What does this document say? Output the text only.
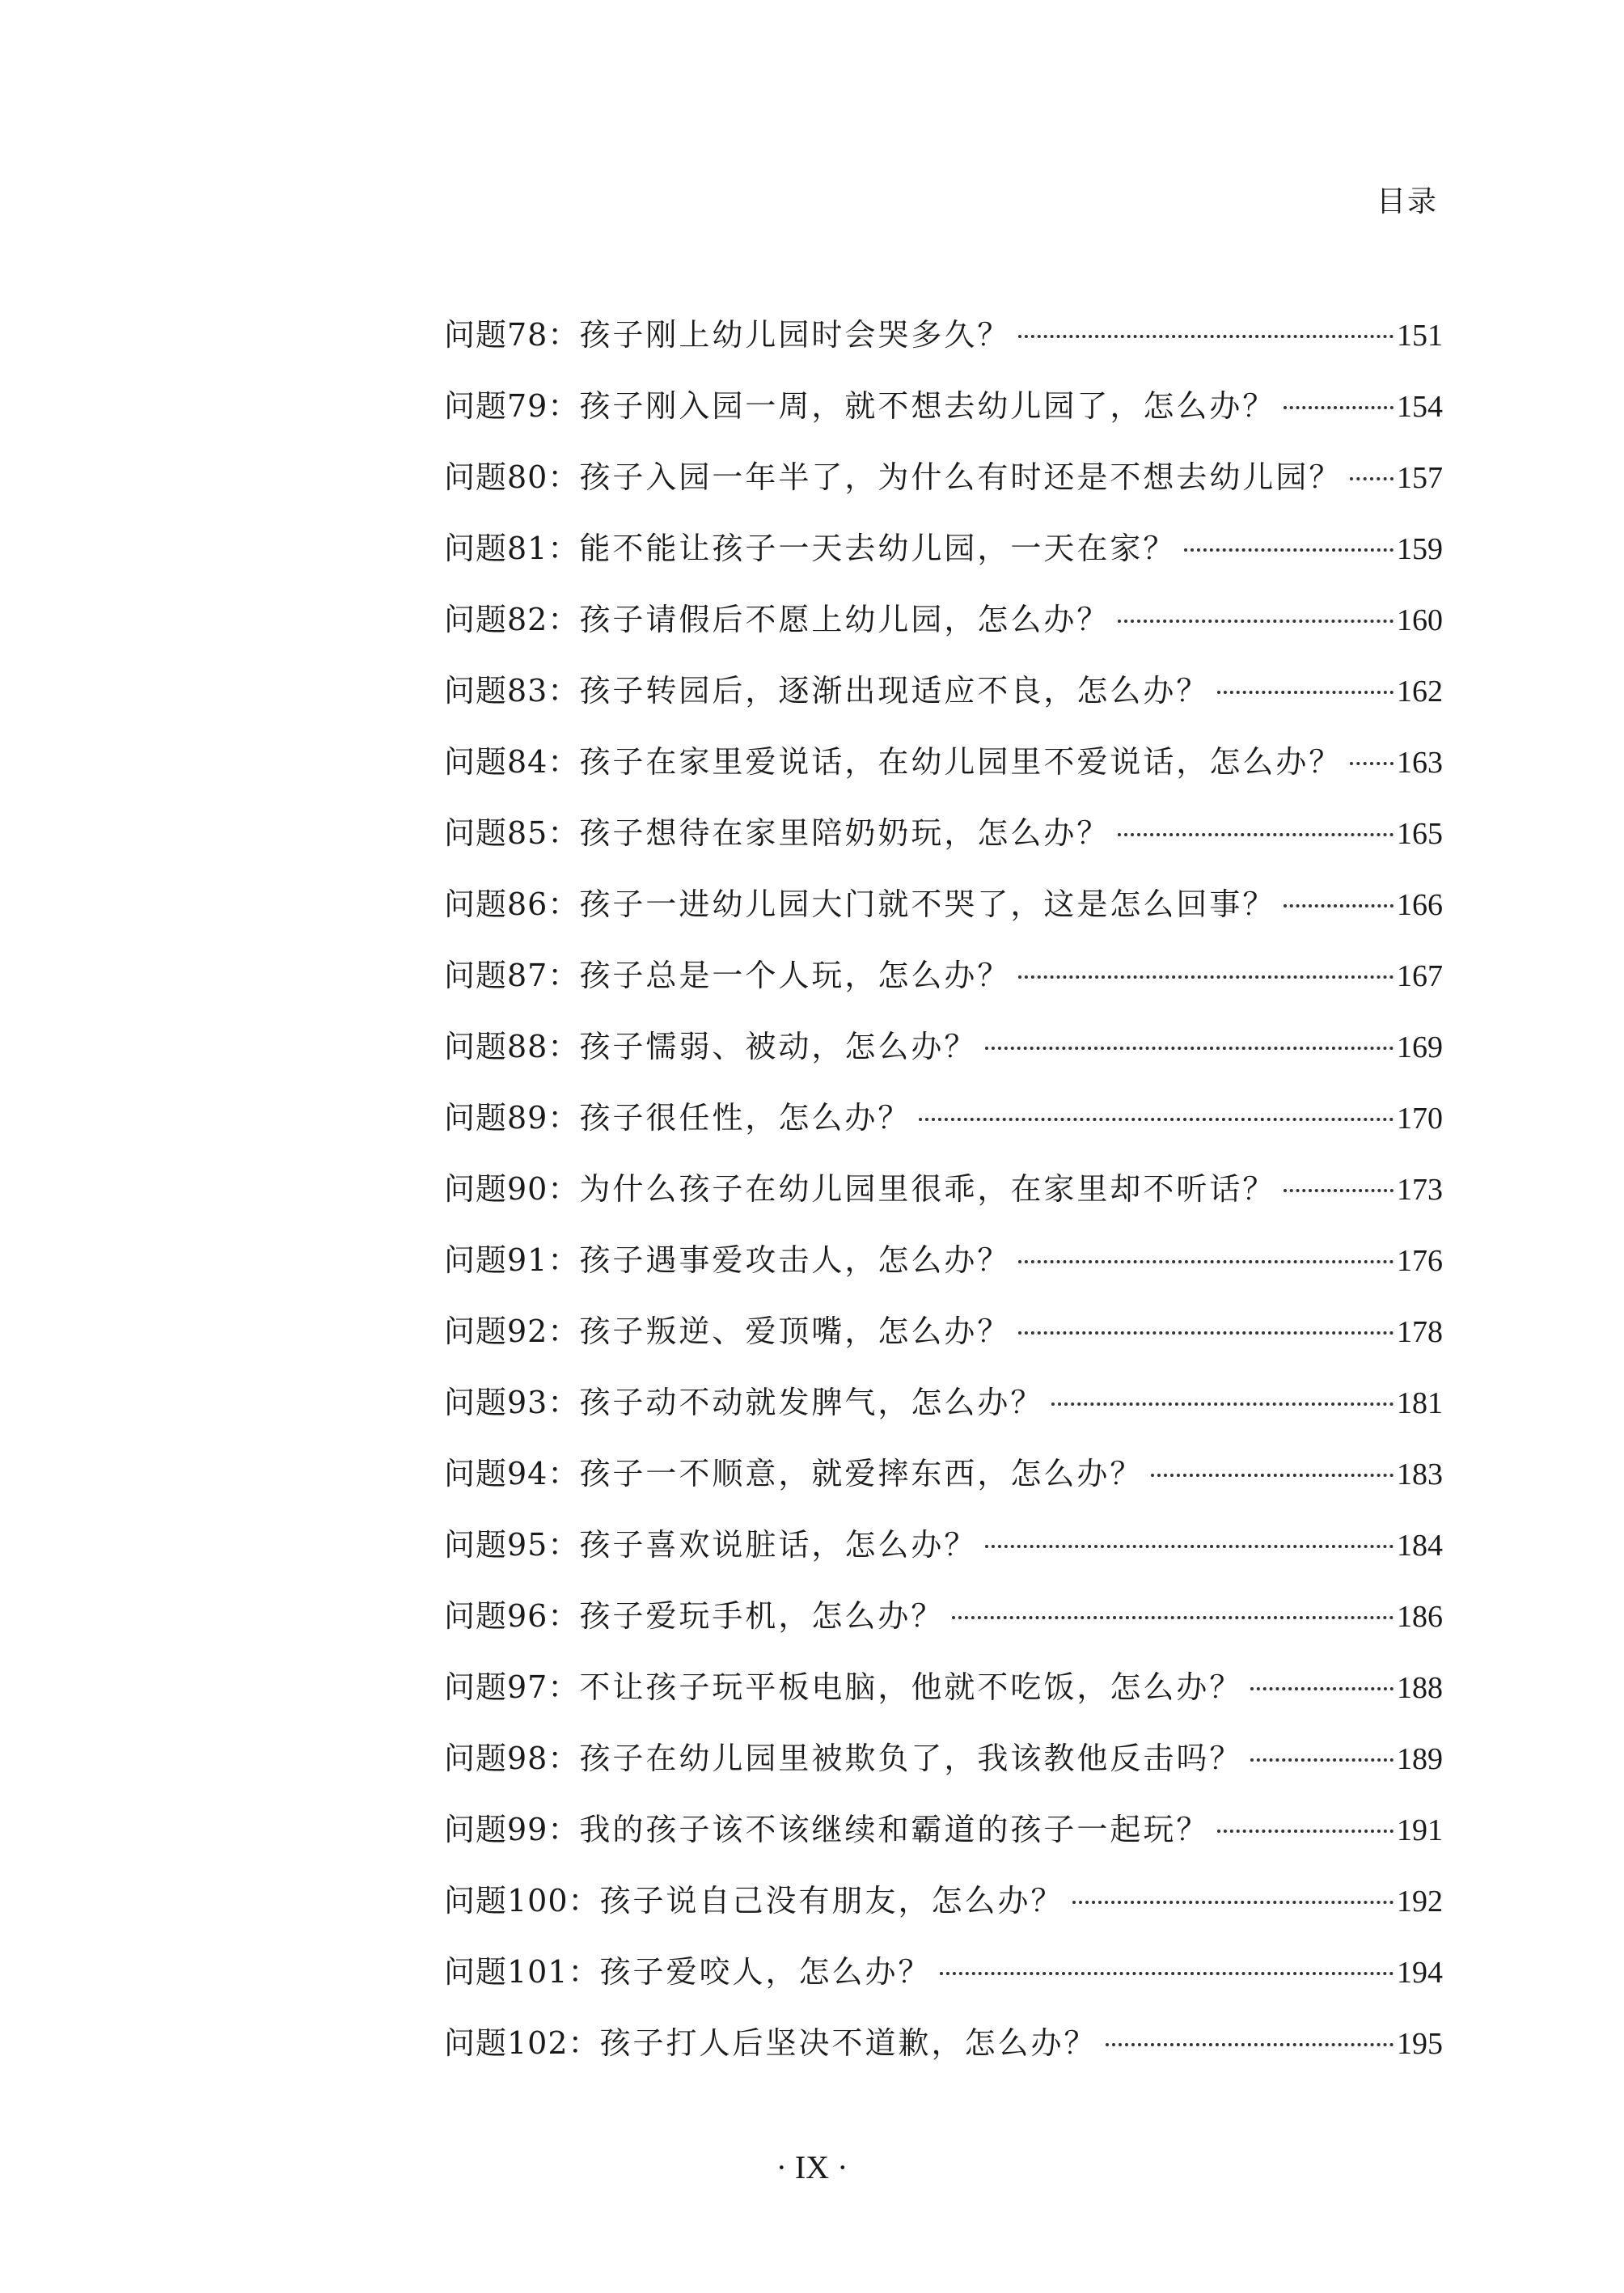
目录
问题78： 孩子刚上幼儿园时会哭多久？	151
问题79： 孩子刚入园一周，就不想去幼儿园了，怎么办？	154
问题80： 孩子入园一年半了，为什么有时还是不想去幼儿园？ 157
问题81： 能不能让孩子一天去幼儿园，一天在家？	159
问题82： 孩子请假后不愿上幼儿园，怎么办？	160
问题83： 孩子转园后，逐渐出现适应不良，怎么办？	162
问题84： 孩子在家里爱说话，在幼儿园里不爱说话，怎么办？ 163
问题85： 孩子想待在家里陪奶奶玩，怎么办？	165
问题86： 孩子一进幼儿园大门就不哭了，这是怎么回事？	166
问题87： 孩子总是一个人玩，怎么办？	167
问题88： 孩子懦弱、被动，怎么办？	169
问题89： 孩子很任性，怎么办？	170
问题90： 为什么孩子在幼儿园里很乖，在家里却不听话？	173
问题91： 孩子遇事爱攻击人，怎么办？	176
问题92： 孩子叛逆、爱顶嘴，怎么办？	178
问题93： 孩子动不动就发脾气，怎么办？	181
问题94： 孩子一不顺意，就爱摔东西，怎么办？	183
问题95： 孩子喜欢说脏话，怎么办？	184
问题96： 孩子爱玩手机，怎么办？	186
问题97： 不让孩子玩平板电脑，他就不吃饭，怎么办？	188
问题98： 孩子在幼儿园里被欺负了，我该教他反击吗？	189
问题99： 我的孩子该不该继续和霸道的孩子一起玩？	191
问题100： 孩子说自己没有朋友，怎么办？	192
问题101： 孩子爱咬人，怎么办？	194
问题102： 孩子打人后坚决不道歉，怎么办？	195
· IX ·
